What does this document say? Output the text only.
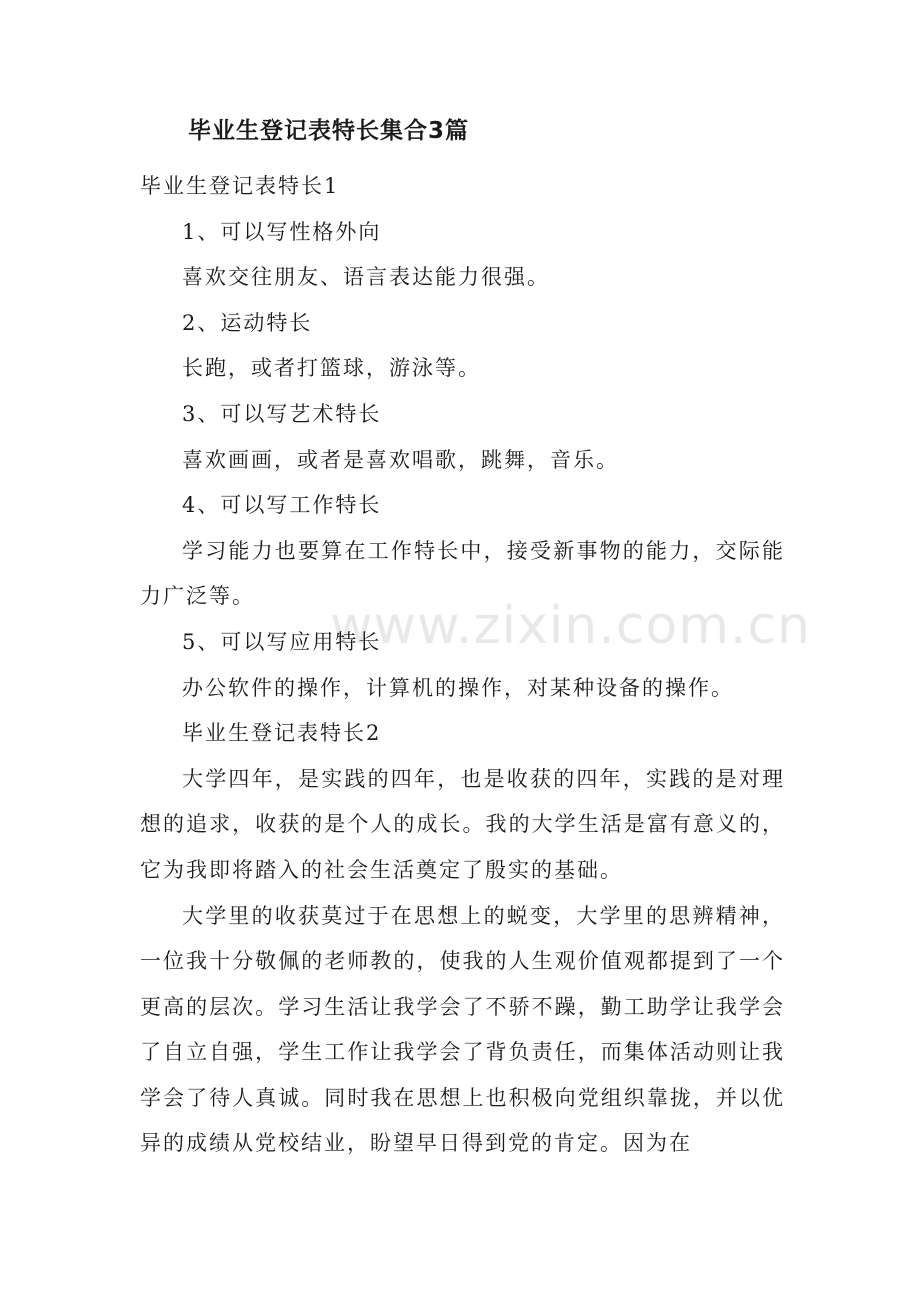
毕业生登记表特长集合3篇

毕业生登记表特长1

1、可以写性格外向

喜欢交往朋友、语言表达能力很强。

2、运动特长

长跑，或者打篮球，游泳等。

3、可以写艺术特长

喜欢画画，或者是喜欢唱歌，跳舞，音乐。

4、可以写工作特长

学习能力也要算在工作特长中，接受新事物的能力，交际能力广泛等。

5、可以写应用特长

办公软件的操作，计算机的操作，对某种设备的操作。

毕业生登记表特长2

大学四年，是实践的四年，也是收获的四年，实践的是对理想的追求，收获的是个人的成长。我的大学生活是富有意义的，它为我即将踏入的社会生活奠定了殷实的基础。

大学里的收获莫过于在思想上的蜕变，大学里的思辨精神，一位我十分敬佩的老师教的，使我的人生观价值观都提到了一个更高的层次。学习生活让我学会了不骄不躁，勤工助学让我学会了自立自强，学生工作让我学会了背负责任，而集体活动则让我学会了待人真诚。同时我在思想上也积极向党组织靠拢，并以优异的成绩从党校结业，盼望早日得到党的肯定。因为在

www.zixin.com.cn
